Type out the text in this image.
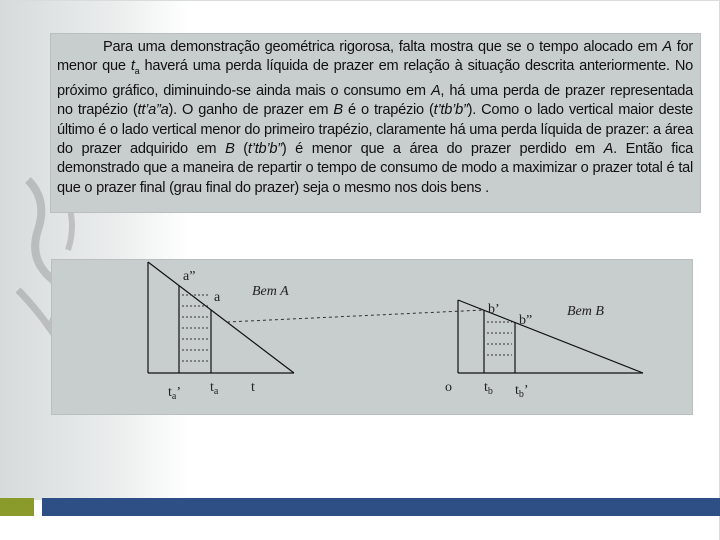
Para uma demonstração geométrica rigorosa, falta mostra que se o tempo alocado em A for menor que $t_a$ haverá uma perda líquida de prazer em relação à situação descrita anteriormente. No próximo gráfico, diminuindo-se ainda mais o consumo em A, há uma perda de prazer representada no trapézio (tt’a”a). O ganho de prazer em B é o trapézio (t’tb’b”). Como o lado vertical maior deste último é o lado vertical menor do primeiro trapézio, claramente há uma perda líquida de prazer: a área do prazer adquirido em B (t’tb’b”) é menor que a área do prazer perdido em A. Então fica demonstrado que a maneira de repartir o tempo de consumo de modo a maximizar o prazer total é tal que o prazer final (grau final do prazer) seja o mesmo nos dois bens .

a”
a Bem A
$t_a$’ $t_a$ t	o
b’
b”
Bem B
$t_b$ $t_b$’
